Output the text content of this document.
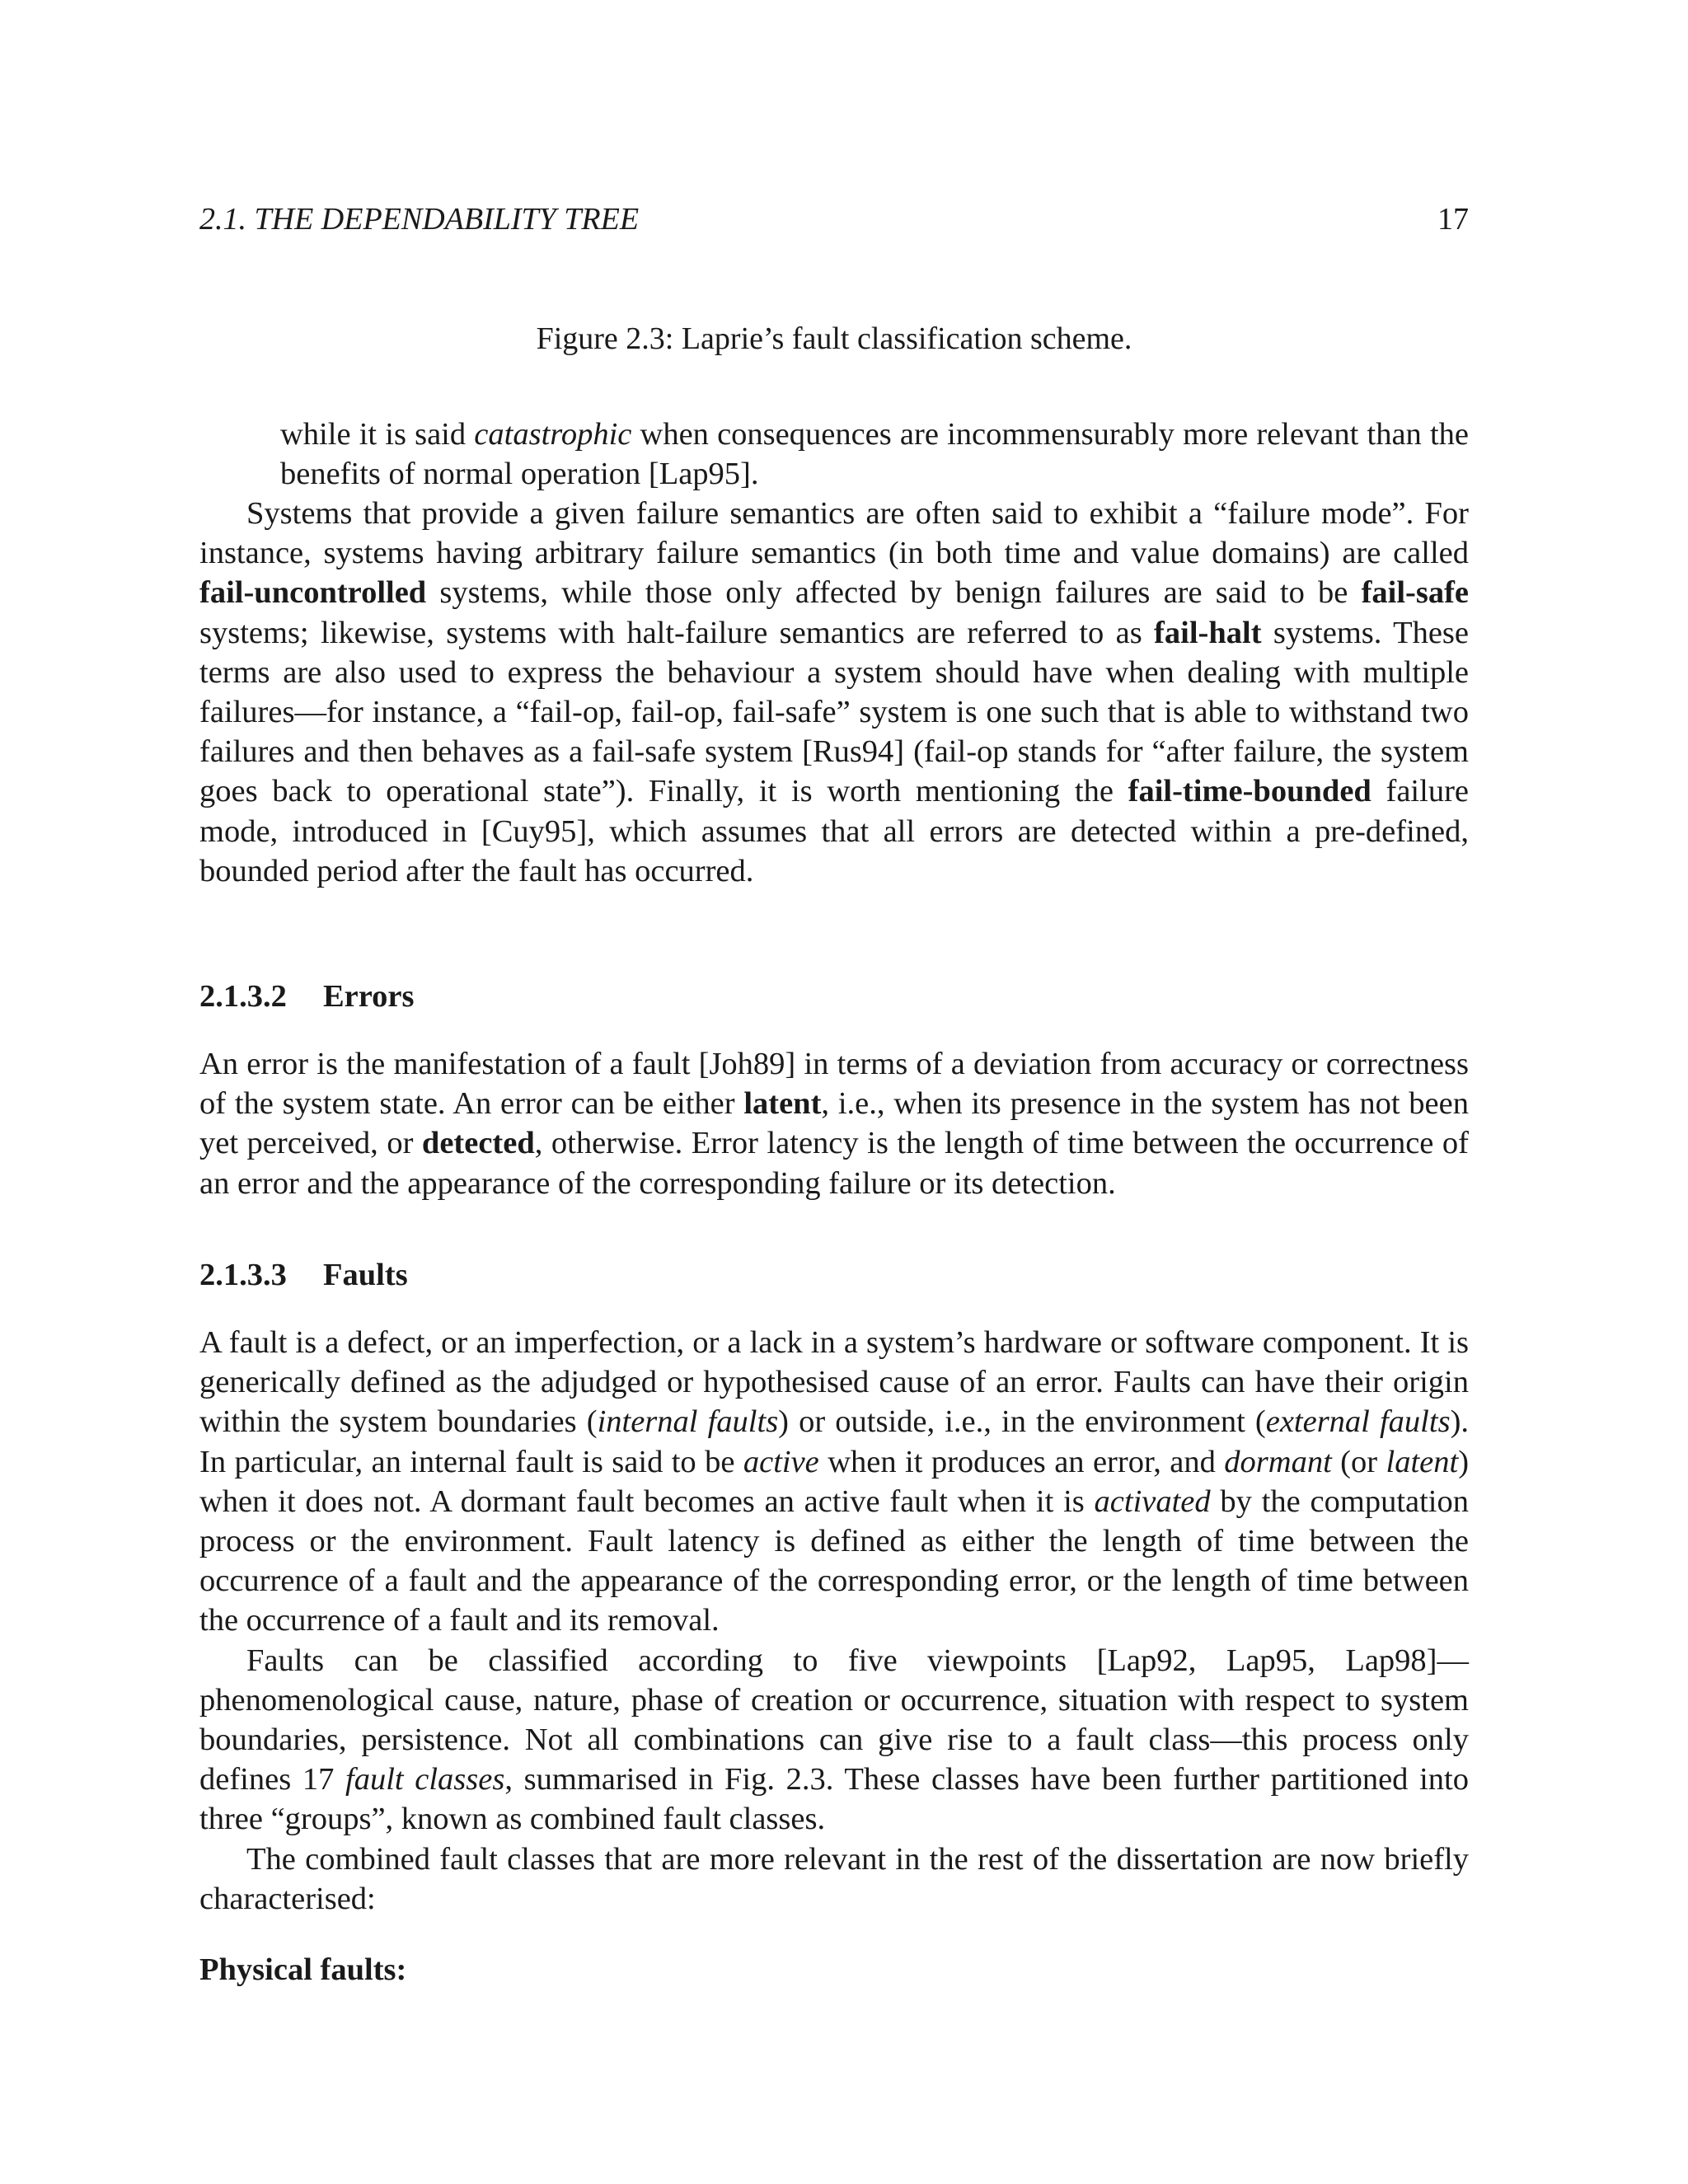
2.1. THE DEPENDABILITY TREE	17
Figure 2.3: Laprie’s fault classification scheme.

while it is said catastrophic when consequences are incommensurably more relevant than the benefits of normal operation [Lap95].

Systems that provide a given failure semantics are often said to exhibit a “failure mode”. For instance, systems having arbitrary failure semantics (in both time and value domains) are called fail-uncontrolled systems, while those only affected by benign failures are said to be fail-safe systems; likewise, systems with halt-failure semantics are referred to as fail-halt systems. These terms are also used to express the behaviour a system should have when dealing with multiple failures—for instance, a “fail-op, fail-op, fail-safe” system is one such that is able to withstand two failures and then behaves as a fail-safe system [Rus94] (fail-op stands for “after failure, the system goes back to operational state”). Finally, it is worth mentioning the fail-time-bounded failure mode, introduced in [Cuy95], which assumes that all errors are detected within a pre-defined, bounded period after the fault has occurred.

2.1.3.2 Errors

An error is the manifestation of a fault [Joh89] in terms of a deviation from accuracy or correctness of the system state. An error can be either latent, i.e., when its presence in the system has not been yet perceived, or detected, otherwise. Error latency is the length of time between the occurrence of an error and the appearance of the corresponding failure or its detection.

2.1.3.3 Faults

A fault is a defect, or an imperfection, or a lack in a system’s hardware or software component. It is generically defined as the adjudged or hypothesised cause of an error. Faults can have their origin within the system boundaries (internal faults) or outside, i.e., in the environment (external faults). In particular, an internal fault is said to be active when it produces an error, and dormant (or latent) when it does not. A dormant fault becomes an active fault when it is activated by the computation process or the environment. Fault latency is defined as either the length of time between the occurrence of a fault and the appearance of the corresponding error, or the length of time between the occurrence of a fault and its removal.

Faults can be classified according to five viewpoints [Lap92, Lap95, Lap98]—phenomenological cause, nature, phase of creation or occurrence, situation with respect to system boundaries, persistence. Not all combinations can give rise to a fault class—this process only defines 17 fault classes, summarised in Fig. 2.3. These classes have been further partitioned into three “groups”, known as combined fault classes.

The combined fault classes that are more relevant in the rest of the dissertation are now briefly characterised:

Physical faults:
